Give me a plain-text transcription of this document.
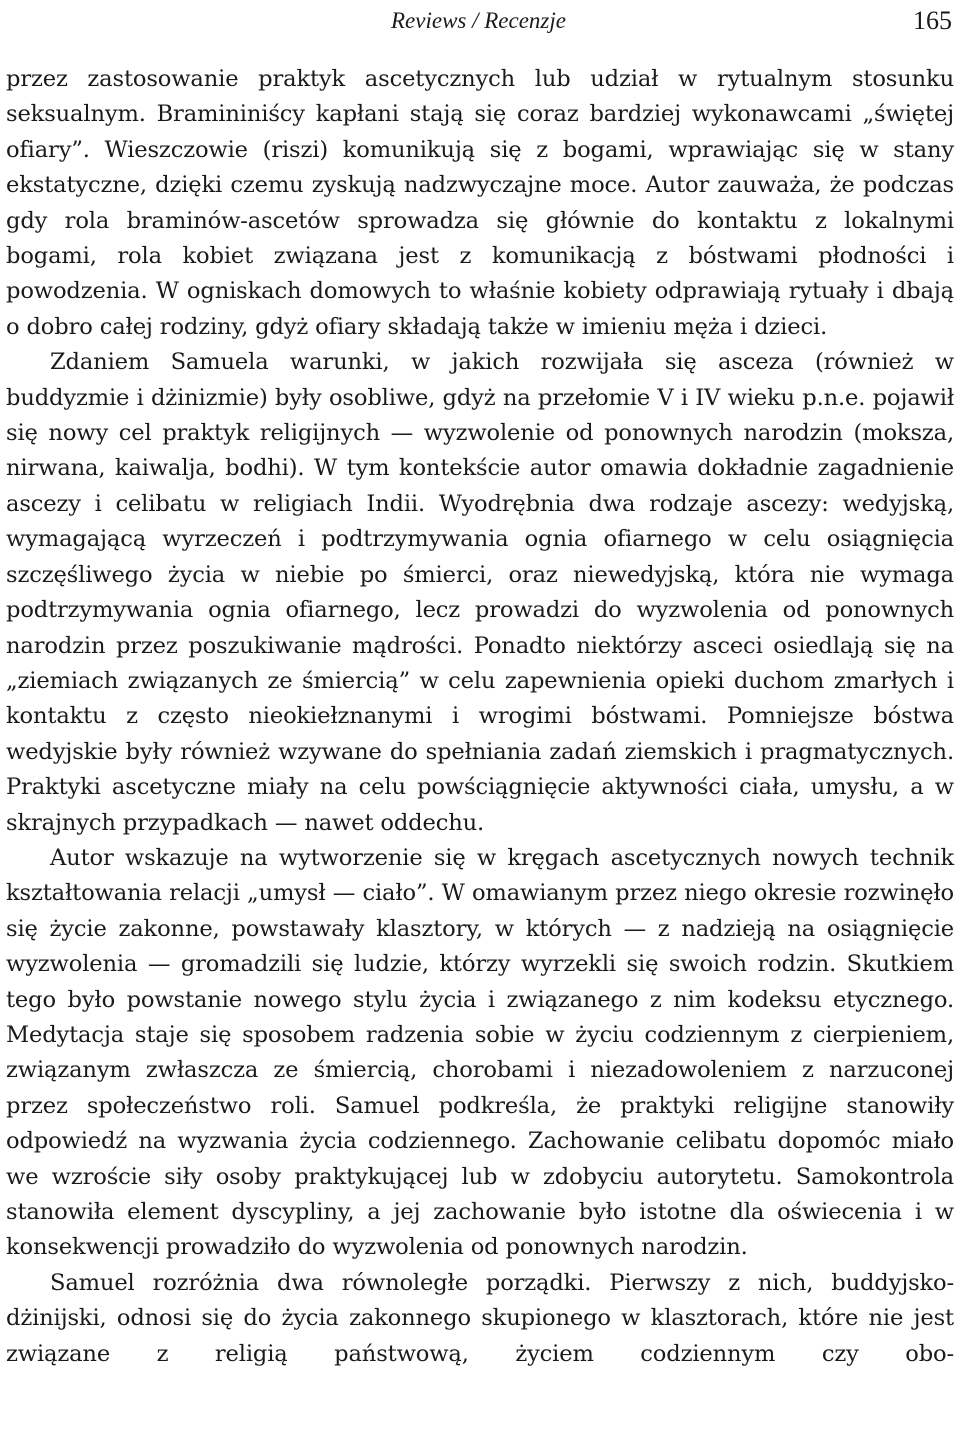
Reviews / Recenzje	165

przez zastosowanie praktyk ascetycznych lub udział w rytualnym stosunku seksualnym. Bramininiścy kapłani stają się coraz bardziej wykonawcami „świętej ofiary”. Wieszczowie (riszi) komunikują się z bogami, wprawiając się w stany ekstatyczne, dzięki czemu zyskują nadzwyczajne moce. Autor zauważa, że podczas gdy rola braminów-ascetów sprowadza się głównie do kontaktu z lokalnymi bogami, rola kobiet związana jest z komunikacją z bóstwami płodności i powodzenia. W ogniskach domowych to właśnie kobiety odprawiają rytuały i dbają o dobro całej rodziny, gdyż ofiary składają także w imieniu męża i dzieci.

Zdaniem Samuela warunki, w jakich rozwijała się asceza (również w buddyzmie i dżinizmie) były osobliwe, gdyż na przełomie V i IV wieku p.n.e. pojawił się nowy cel praktyk religijnych — wyzwolenie od ponownych narodzin (moksza, nirwana, kaiwalja, bodhi). W tym kontekście autor omawia dokładnie zagadnienie ascezy i celibatu w religiach Indii. Wyodrębnia dwa rodzaje ascezy: wedyjską, wymagającą wyrzeczeń i podtrzymywania ognia ofiarnego w celu osiągnięcia szczęśliwego życia w niebie po śmierci, oraz niewedyjską, która nie wymaga podtrzymywania ognia ofiarnego, lecz prowadzi do wyzwolenia od ponownych narodzin przez poszukiwanie mądrości. Ponadto niektórzy asceci osiedlają się na „ziemiach związanych ze śmiercią” w celu zapewnienia opieki duchom zmarłych i kontaktu z często nieokiełznanymi i wrogimi bóstwami. Pomniejsze bóstwa wedyjskie były również wzywane do spełniania zadań ziemskich i pragmatycznych. Praktyki ascetyczne miały na celu powściągnięcie aktywności ciała, umysłu, a w skrajnych przypadkach — nawet oddechu.

Autor wskazuje na wytworzenie się w kręgach ascetycznych nowych technik kształtowania relacji „umysł — ciało”. W omawianym przez niego okresie rozwinęło się życie zakonne, powstawały klasztory, w których — z nadzieją na osiągnięcie wyzwolenia — gromadzili się ludzie, którzy wyrzekli się swoich rodzin. Skutkiem tego było powstanie nowego stylu życia i związanego z nim kodeksu etycznego. Medytacja staje się sposobem radzenia sobie w życiu codziennym z cierpieniem, związanym zwłaszcza ze śmiercią, chorobami i niezadowoleniem z narzuconej przez społeczeństwo roli. Samuel podkreśla, że praktyki religijne stanowiły odpowiedź na wyzwania życia codziennego. Zachowanie celibatu dopomóc miało we wzroście siły osoby praktykującej lub w zdobyciu autorytetu. Samokontrola stanowiła element dyscypliny, a jej zachowanie było istotne dla oświecenia i w konsekwencji prowadziło do wyzwolenia od ponownych narodzin.

Samuel rozróżnia dwa równoległe porządki. Pierwszy z nich, buddyjsko-dżinijski, odnosi się do życia zakonnego skupionego w klasztorach, które nie jest związane z religią państwową, życiem codziennym czy obo-
